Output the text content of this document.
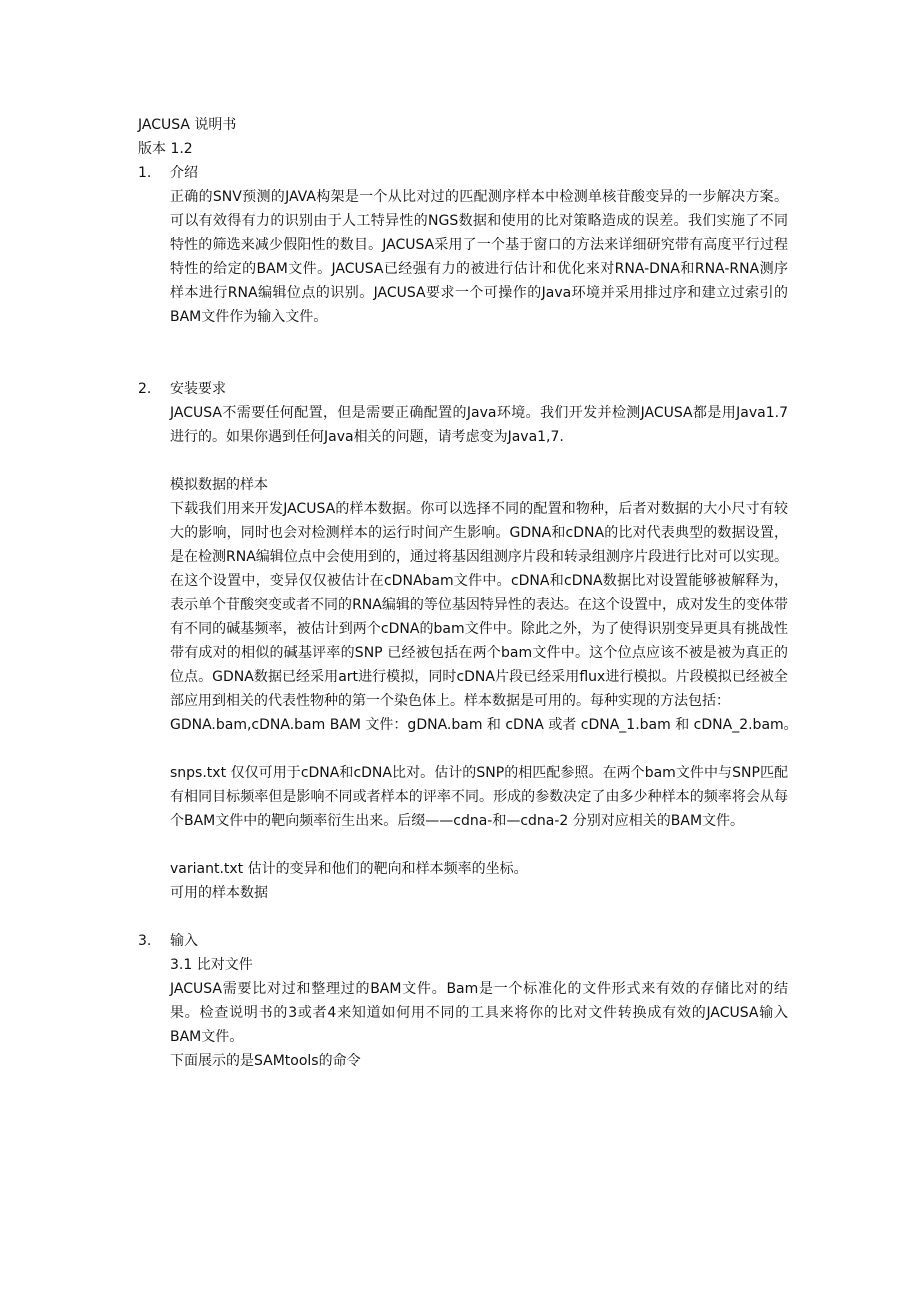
JACUSA 说明书

版本 1.2

1.	介绍

正确的SNV预测的JAVA构架是一个从比对过的匹配测序样本中检测单核苷酸变异的一步解决方案。可以有效得有力的识别由于人工特异性的NGS数据和使用的比对策略造成的误差。我们实施了不同特性的筛选来减少假阳性的数目。JACUSA采用了一个基于窗口的方法来详细研究带有高度平行过程特性的给定的BAM文件。JACUSA已经强有力的被进行估计和优化来对RNA-DNA和RNA-RNA测序样本进行RNA编辑位点的识别。JACUSA要求一个可操作的Java环境并采用排过序和建立过索引的BAM文件作为输入文件。

2.	安装要求

JACUSA不需要任何配置，但是需要正确配置的Java环境。我们开发并检测JACUSA都是用Java1.7进行的。如果你遇到任何Java相关的问题，请考虑变为Java1,7.

模拟数据的样本

下载我们用来开发JACUSA的样本数据。你可以选择不同的配置和物种，后者对数据的大小尺寸有较大的影响，同时也会对检测样本的运行时间产生影响。GDNA和cDNA的比对代表典型的数据设置，是在检测RNA编辑位点中会使用到的，通过将基因组测序片段和转录组测序片段进行比对可以实现。在这个设置中，变异仅仅被估计在cDNAbam文件中。cDNA和cDNA数据比对设置能够被解释为，表示单个苷酸突变或者不同的RNA编辑的等位基因特异性的表达。在这个设置中，成对发生的变体带有不同的碱基频率，被估计到两个cDNA的bam文件中。除此之外，为了使得识别变异更具有挑战性带有成对的相似的碱基评率的SNP 已经被包括在两个bam文件中。这个位点应该不被是被为真正的位点。GDNA数据已经采用art进行模拟，同时cDNA片段已经采用flux进行模拟。片段模拟已经被全部应用到相关的代表性物种的第一个染色体上。样本数据是可用的。每种实现的方法包括：

GDNA.bam,cDNA.bam BAM 文件：gDNA.bam 和 cDNA 或者 cDNA_1.bam 和 cDNA_2.bam。

snps.txt 仅仅可用于cDNA和cDNA比对。估计的SNP的相匹配参照。在两个bam文件中与SNP匹配有相同目标频率但是影响不同或者样本的评率不同。形成的参数决定了由多少种样本的频率将会从每个BAM文件中的靶向频率衍生出来。后缀——cdna-和—cdna-2 分别对应相关的BAM文件。

variant.txt 估计的变异和他们的靶向和样本频率的坐标。

可用的样本数据

3.	输入

3.1 比对文件

JACUSA需要比对过和整理过的BAM文件。Bam是一个标准化的文件形式来有效的存储比对的结果。检查说明书的3或者4来知道如何用不同的工具来将你的比对文件转换成有效的JACUSA输入BAM文件。

下面展示的是SAMtools的命令
